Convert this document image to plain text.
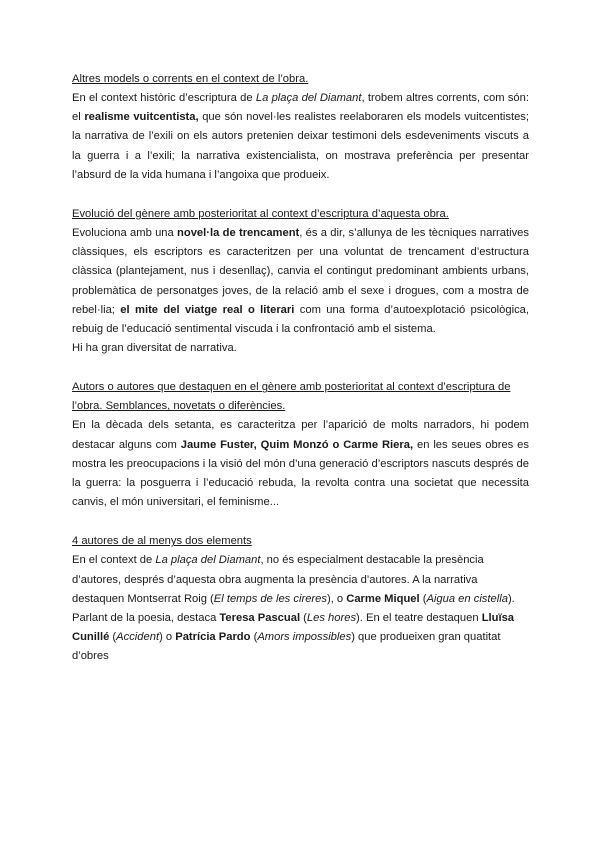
Altres models o corrents en el context de l’obra.

En el context històric d’escriptura de La plaça del Diamant, trobem altres corrents, com són: el realisme vuitcentista, que són novel·les realistes reelaboraren els models vuitcentistes; la narrativa de l’exili on els autors pretenien deixar testimoni dels esdeveniments viscuts a la guerra i a l’exili; la narrativa existencialista, on mostrava preferència per presentar l’absurd de la vida humana i l’angoixa que produeix.

Evolució del gènere amb posterioritat al context d’escriptura d’aquesta obra.

Evoluciona amb una novel·la de trencament, és a dir, s’allunya de les tècniques narratives clàssiques, els escriptors es caracteritzen per una voluntat de trencament d’estructura clàssica (plantejament, nus i desenllaç), canvia el contingut predominant ambients urbans, problemàtica de personatges joves, de la relació amb el sexe i drogues, com a mostra de rebel·lia; el mite del viatge real o literari com una forma d’autoexplotació psicològica, rebuig de l’educació sentimental viscuda i la confrontació amb el sistema.

Hi ha gran diversitat de narrativa.

Autors o autores que destaquen en el gènere amb posterioritat al context d’escriptura de l’obra. Semblances, novetats o diferències.

En la dècada dels setanta, es caracteritza per l’aparició de molts narradors, hi podem destacar alguns com Jaume Fuster, Quim Monzó o Carme Riera, en les seues obres es mostra les preocupacions i la visió del món d’una generació d’escriptors nascuts després de la guerra: la posguerra i l’educació rebuda, la revolta contra una societat que necessita canvis, el món universitari, el feminisme...

4 autores de al menys dos elements

En el context de La plaça del Diamant, no és especialment destacable la presència d’autores, després d’aquesta obra augmenta la presència d’autores. A la narrativa destaquen Montserrat Roig (El temps de les cireres), o Carme Miquel (Aigua en cistella). Parlant de la poesia, destaca Teresa Pascual (Les hores). En el teatre destaquen Lluïsa Cunillé (Accident) o Patrícia Pardo (Amors impossibles) que produeixen gran quatitat d’obres
